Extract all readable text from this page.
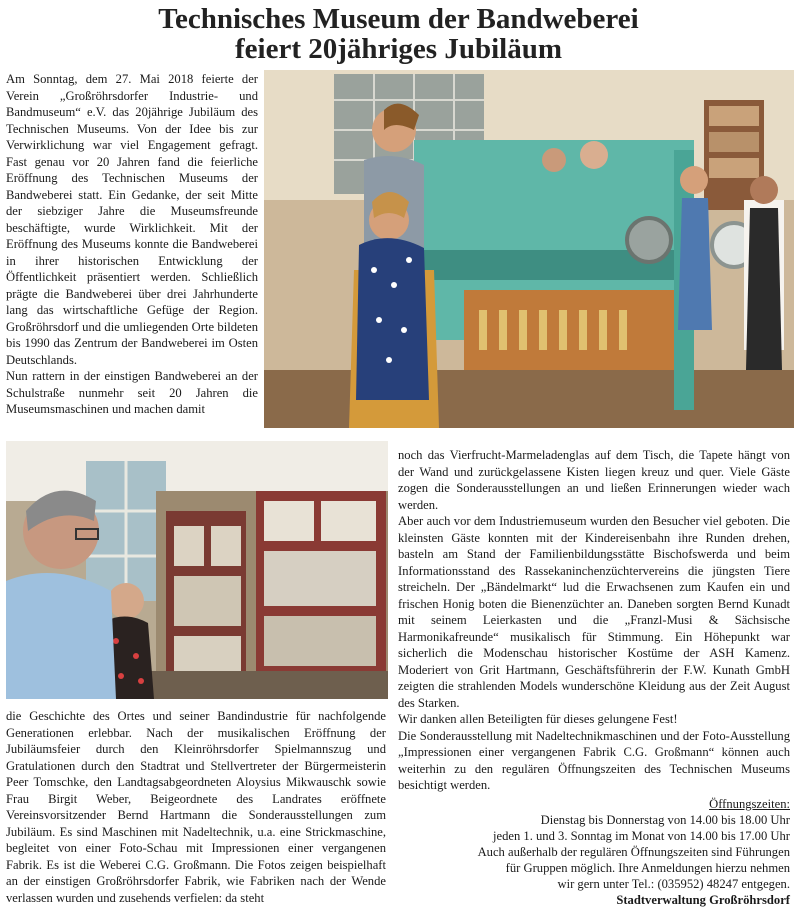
Technisches Museum der Bandweberei
feiert 20jähriges Jubiläum

Am Sonntag, dem 27. Mai 2018 feierte der Verein „Großröhrsdorfer Industrie- und Bandmuseum“ e.V. das 20jährige Jubiläum des Technischen Museums. Von der Idee bis zur Verwirklichung war viel Engagement gefragt. Fast genau vor 20 Jahren fand die feierliche Eröffnung des Technischen Museums der Bandweberei statt. Ein Gedanke, der seit Mitte der siebziger Jahre die Museumsfreunde beschäftigte, wurde Wirklichkeit. Mit der Eröffnung des Museums konnte die Bandweberei in ihrer historischen Entwicklung der Öffentlichkeit präsentiert werden. Schließlich prägte die Bandweberei über drei Jahrhunderte lang das wirtschaftliche Gefüge der Region. Großröhrsdorf und die umliegenden Orte bildeten bis 1990 das Zentrum der Bandweberei im Osten Deutschlands.

Nun rattern in der einstigen Bandweberei an der Schulstraße nunmehr seit 20 Jahren die Museumsmaschinen und machen damit

die Geschichte des Ortes und seiner Bandindustrie für nachfolgende Generationen erlebbar. Nach der musikalischen Eröffnung der Jubiläumsfeier durch den Kleinröhrsdorfer Spielmannszug und Gratulationen durch den Stadtrat und Stellvertreter der Bürgermeisterin Peer Tomschke, den Landtagsabgeordneten Aloysius Mikwauschk sowie Frau Birgit Weber, Beigeordnete des Landrates eröffnete Vereinsvorsitzender Bernd Hartmann die Sonderausstellungen zum Jubiläum. Es sind Maschinen mit Nadeltechnik, u.a. eine Strickmaschine, begleitet von einer Foto-Schau mit Impressionen einer vergangenen Fabrik. Es ist die Weberei C.G. Großmann. Die Fotos zeigen beispielhaft an der einstigen Großröhrsdorfer Fabrik, wie Fabriken nach der Wende verlassen wurden und zusehends verfielen: da steht

noch das Vierfrucht-Marmeladenglas auf dem Tisch, die Tapete hängt von der Wand und zurückgelassene Kisten liegen kreuz und quer. Viele Gäste zogen die Sonderausstellungen an und ließen Erinnerungen wieder wach werden.

Aber auch vor dem Industriemuseum wurden den Besucher viel geboten. Die kleinsten Gäste konnten mit der Kindereisenbahn ihre Runden drehen, basteln am Stand der Familienbildungsstätte Bischofswerda und beim Informationsstand des Rassekaninchenzüchtervereins die jüngsten Tiere streicheln. Der „Bändelmarkt“ lud die Erwachsenen zum Kaufen ein und frischen Honig boten die Bienenzüchter an. Daneben sorgten Bernd Kunadt mit seinem Leierkasten und die „Franzl-Musi & Sächsische Harmonikafreunde“ musikalisch für Stimmung. Ein Höhepunkt war sicherlich die Modenschau historischer Kostüme der ASH Kamenz. Moderiert von Grit Hartmann, Geschäftsführerin der F.W. Kunath GmbH zeigten die strahlenden Models wunderschöne Kleidung aus der Zeit August des Starken.

Wir danken allen Beteiligten für dieses gelungene Fest!

Die Sonderausstellung mit Nadeltechnikmaschinen und der Foto-Ausstellung „Impressionen einer vergangenen Fabrik C.G. Großmann“ können auch weiterhin zu den regulären Öffnungszeiten des Technischen Museums besichtigt werden.

Öffnungszeiten:
Dienstag bis Donnerstag von 14.00 bis 18.00 Uhr
jeden 1. und 3. Sonntag im Monat von 14.00 bis 17.00 Uhr
Auch außerhalb der regulären Öffnungszeiten sind Führungen
für Gruppen möglich. Ihre Anmeldungen hierzu nehmen
wir gern unter Tel.: (035952) 48247 entgegen.
Stadtverwaltung Großröhrsdorf
